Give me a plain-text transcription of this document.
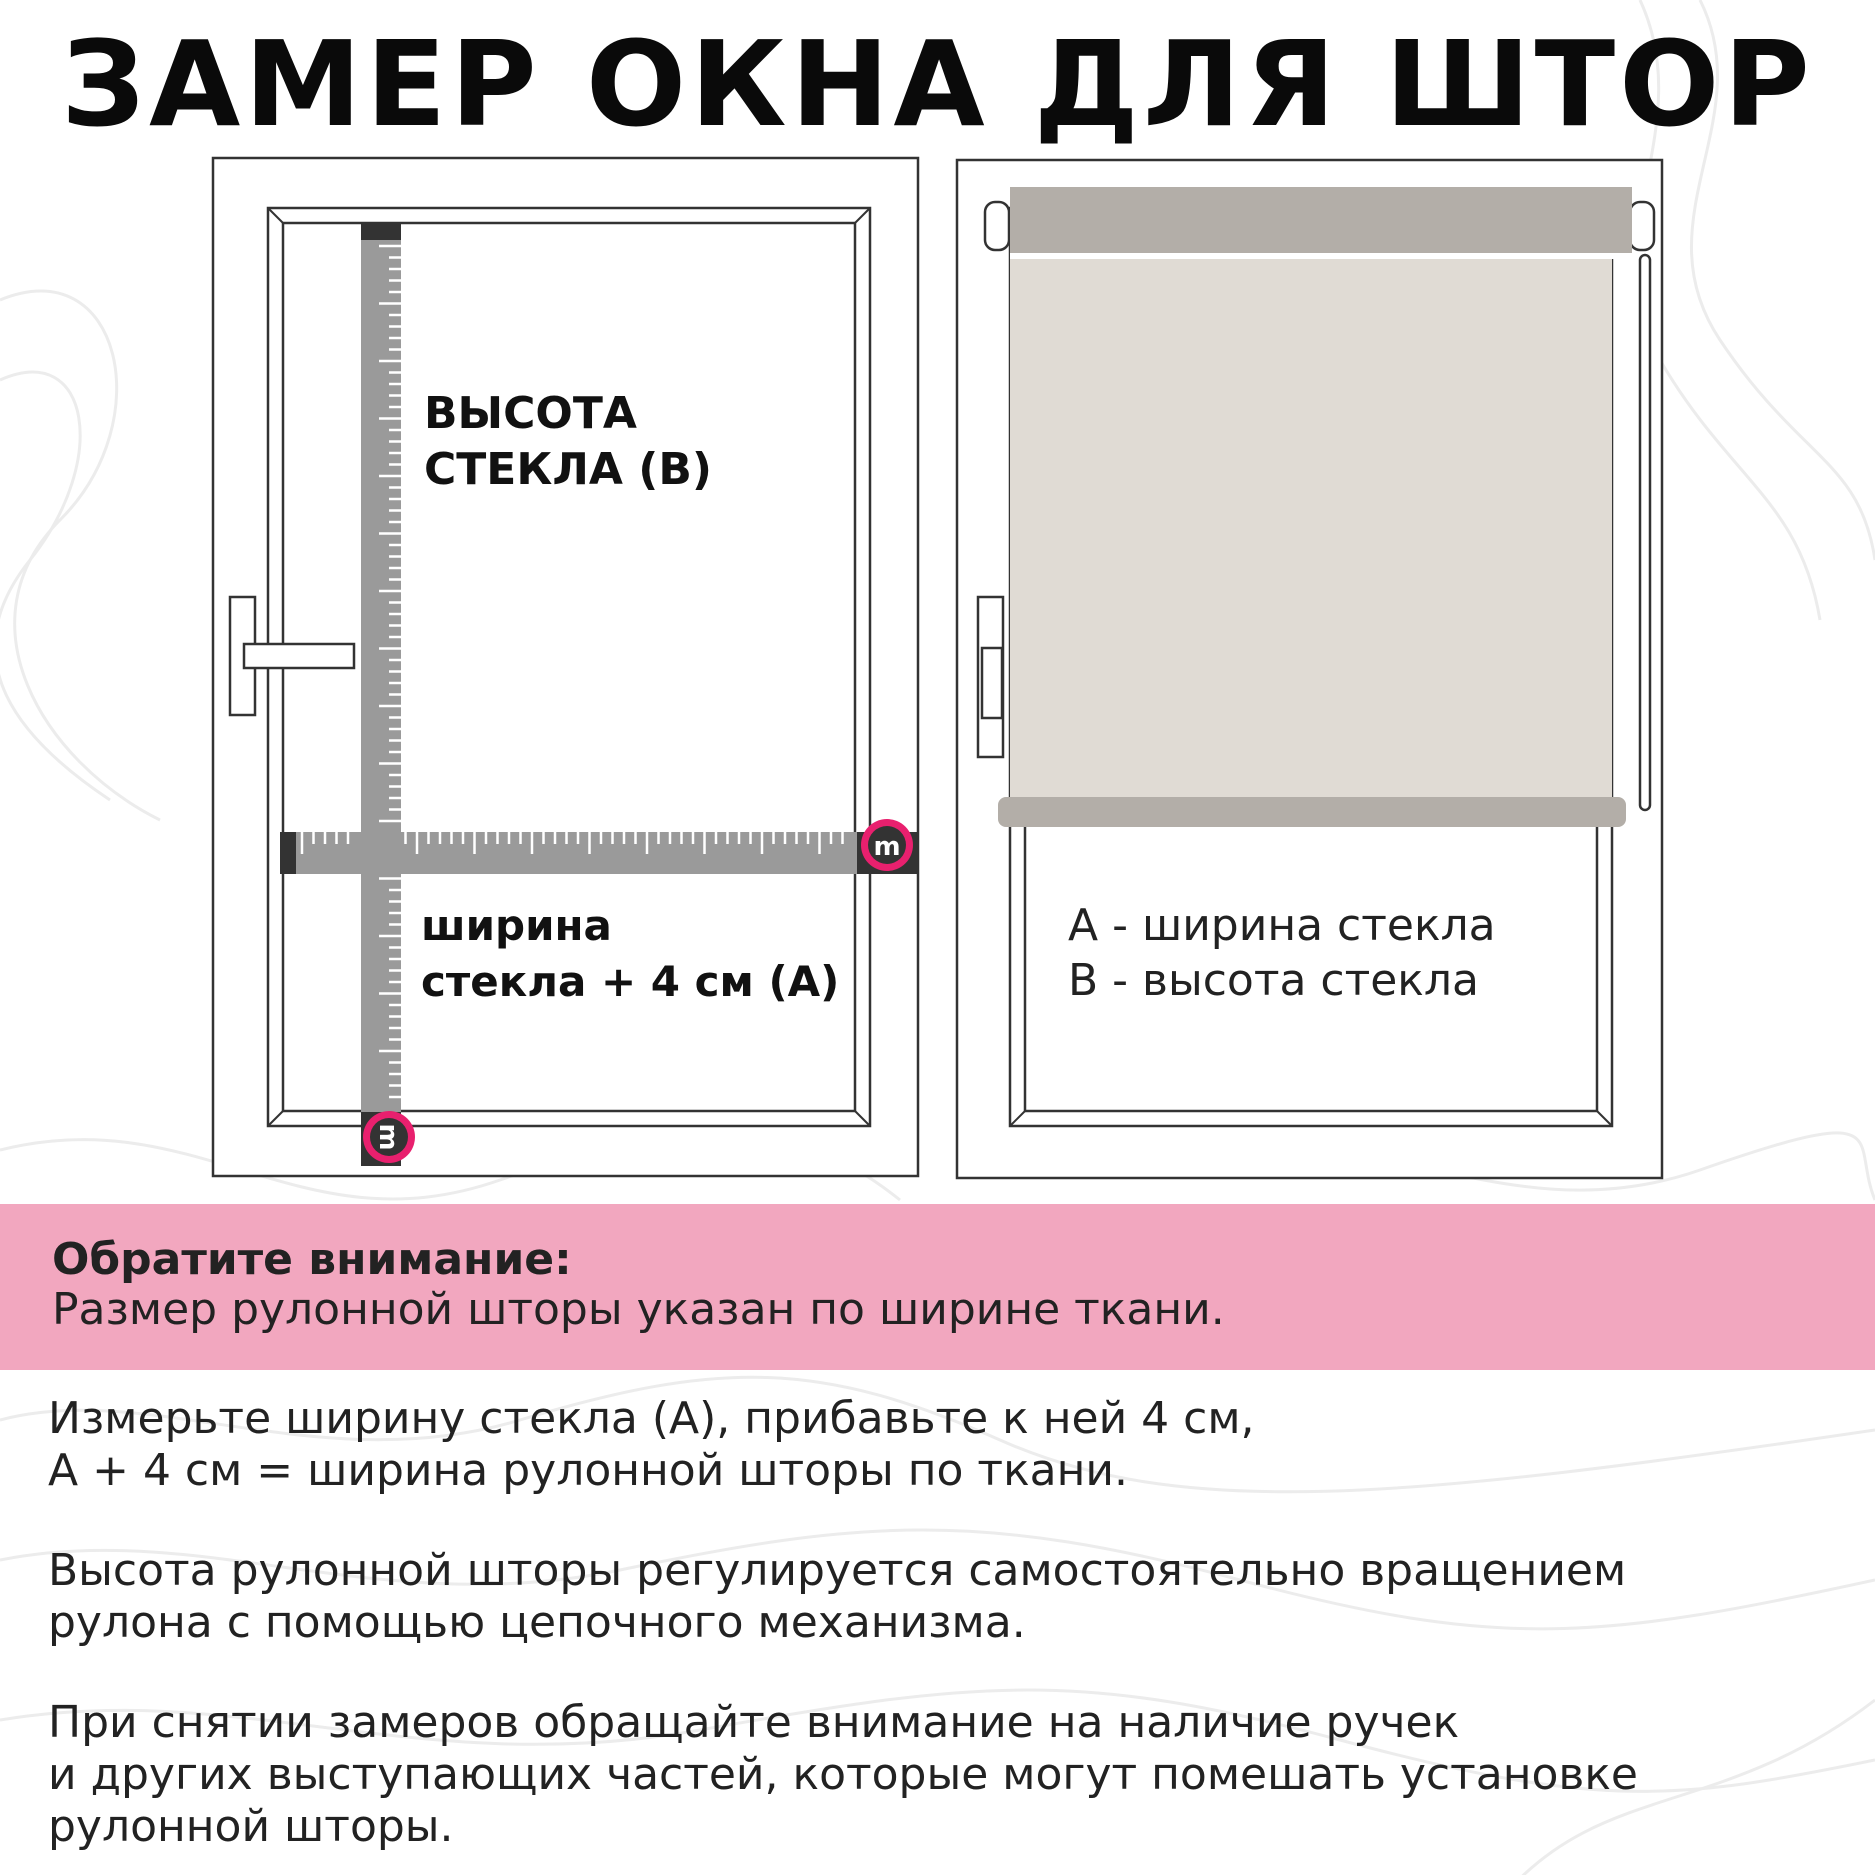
ЗАМЕР ОКНА ДЛЯ ШТОР
m
m
ВЫСОТА
СТЕКЛА (В)
ширина
стекла + 4 см (А)
А - ширина стекла
В - высота стекла
Обратите внимание:
Размер рулонной шторы указан по ширине ткани.
Измерьте ширину стекла (А), прибавьте к ней 4 см,
А + 4 см = ширина рулонной шторы по ткани.
Высота рулонной шторы регулируется самостоятельно вращением
рулона с помощью цепочного механизма.
При снятии замеров обращайте внимание на наличие ручек
и других выступающих частей, которые могут помешать установке
рулонной шторы.
